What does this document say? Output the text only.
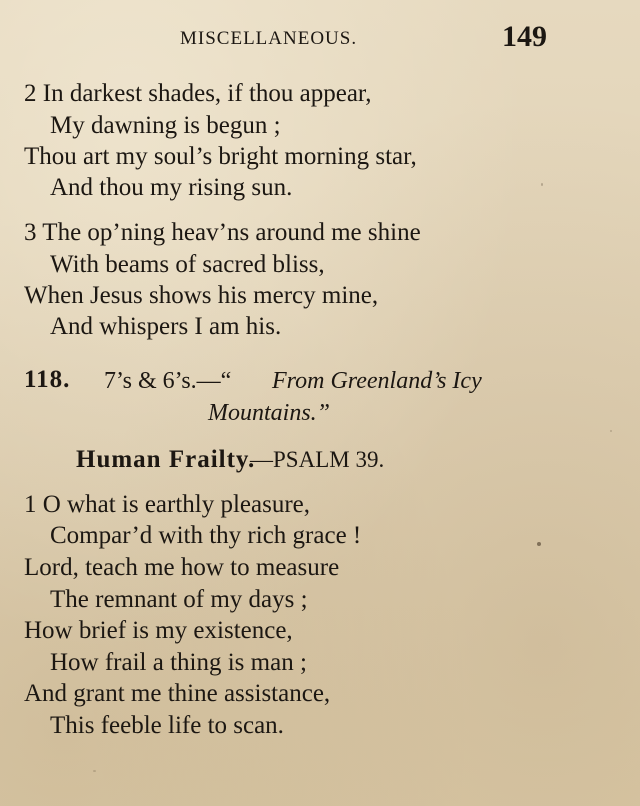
MISCELLANEOUS.	149
2 In darkest shades, if thou appear,
My dawning is begun ;
Thou art my soul’s bright morning star,
And thou my rising sun.
3 The op’ning heav’ns around me shine
With beams of sacred bliss,
When Jesus shows his mercy mine,
And whispers I am his.
118. 7’s & 6’s.—“ From Greenland’s Icy
Mountains.”
Human Frailty.
—PSALM 39.
1 O what is earthly pleasure,
Compar’d with thy rich grace !
Lord, teach me how to measure
The remnant of my days ;
How brief is my existence,
How frail a thing is man ;
And grant me thine assistance,
This feeble life to scan.
